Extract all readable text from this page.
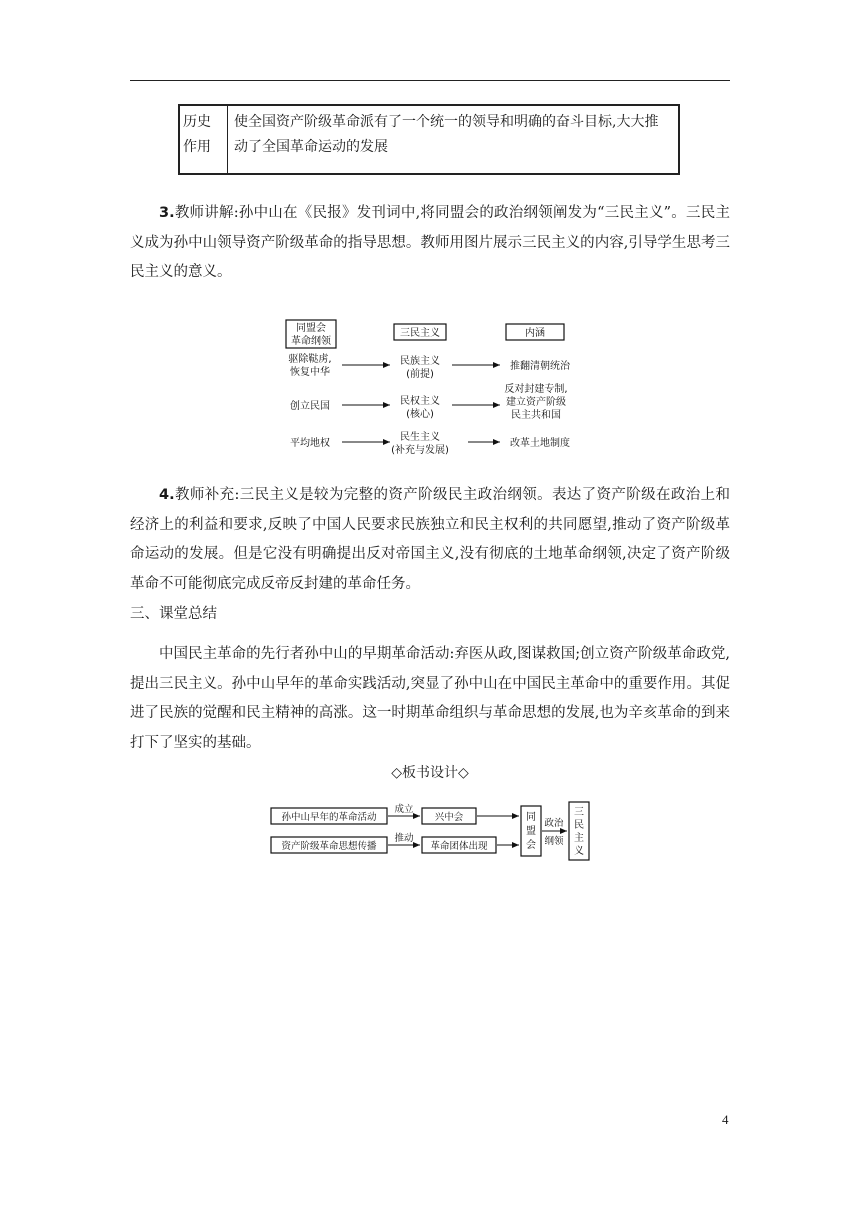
历史
作用
使全国资产阶级革命派有了一个统一的领导和明确的奋斗目标,大大推动了全国革命运动的发展

3.教师讲解:孙中山在《民报》发刊词中,将同盟会的政治纲领阐发为“三民主义”。三民主义成为孙中山领导资产阶级革命的指导思想。教师用图片展示三民主义的内容,引导学生思考三民主义的意义。

同盟会
革命纲领
三民主义	内涵
驱除鞑虏,
恢复中华
民族主义
(前提)
推翻清朝统治
创立民国	民权主义
(核心)
反对封建专制,
建立资产阶级
民主共和国
平均地权
民生主义
(补充与发展)
改革土地制度

4.教师补充:三民主义是较为完整的资产阶级民主政治纲领。表达了资产阶级在政治上和经济上的利益和要求,反映了中国人民要求民族独立和民主权利的共同愿望,推动了资产阶级革命运动的发展。但是它没有明确提出反对帝国主义,没有彻底的土地革命纲领,决定了资产阶级革命不可能彻底完成反帝反封建的革命任务。

三、课堂总结

中国民主革命的先行者孙中山的早期革命活动:弃医从政,图谋救国;创立资产阶级革命政党,提出三民主义。孙中山早年的革命实践活动,突显了孙中山在中国民主革命中的重要作用。其促进了民族的觉醒和民主精神的高涨。这一时期革命组织与革命思想的发展,也为辛亥革命的到来打下了坚实的基础。

◇板书设计◇
孙中山早年的革命活动
成立
兴中会
资产阶级革命思想传播
推动
革命团体出现
同
盟
会
政治
纲领
三
民
主
义
4
